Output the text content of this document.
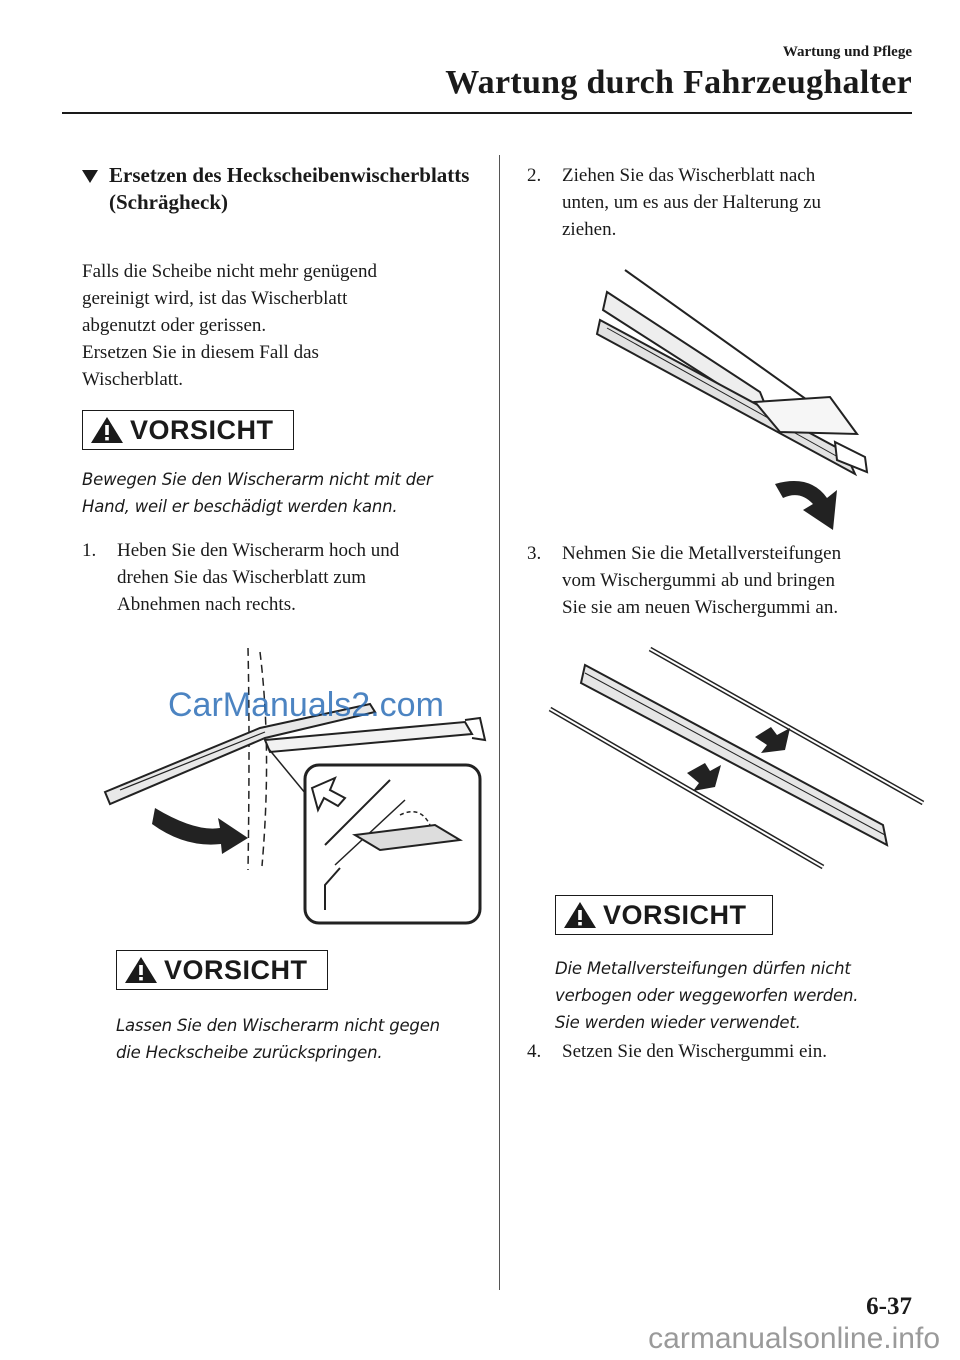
Wartung und Pflege
Wartung durch Fahrzeughalter
Ersetzen des Heckscheibenwischerblatts (Schrägheck)
Falls die Scheibe nicht mehr genügend
gereinigt wird, ist das Wischerblatt
abgenutzt oder gerissen.
Ersetzen Sie in diesem Fall das
Wischerblatt.
VORSICHT
Bewegen Sie den Wischerarm nicht mit der
Hand, weil er beschädigt werden kann.
1. Heben Sie den Wischerarm hoch und
drehen Sie das Wischerblatt zum
Abnehmen nach rechts.
CarManuals2.com
VORSICHT
Lassen Sie den Wischerarm nicht gegen
die Heckscheibe zurückspringen.
2. Ziehen Sie das Wischerblatt nach
unten, um es aus der Halterung zu
ziehen.
3. Nehmen Sie die Metallversteifungen
vom Wischergummi ab und bringen
Sie sie am neuen Wischergummi an.
VORSICHT
Die Metallversteifungen dürfen nicht
verbogen oder weggeworfen werden.
Sie werden wieder verwendet.
4. Setzen Sie den Wischergummi ein.
6-37
carmanualsonline.info
